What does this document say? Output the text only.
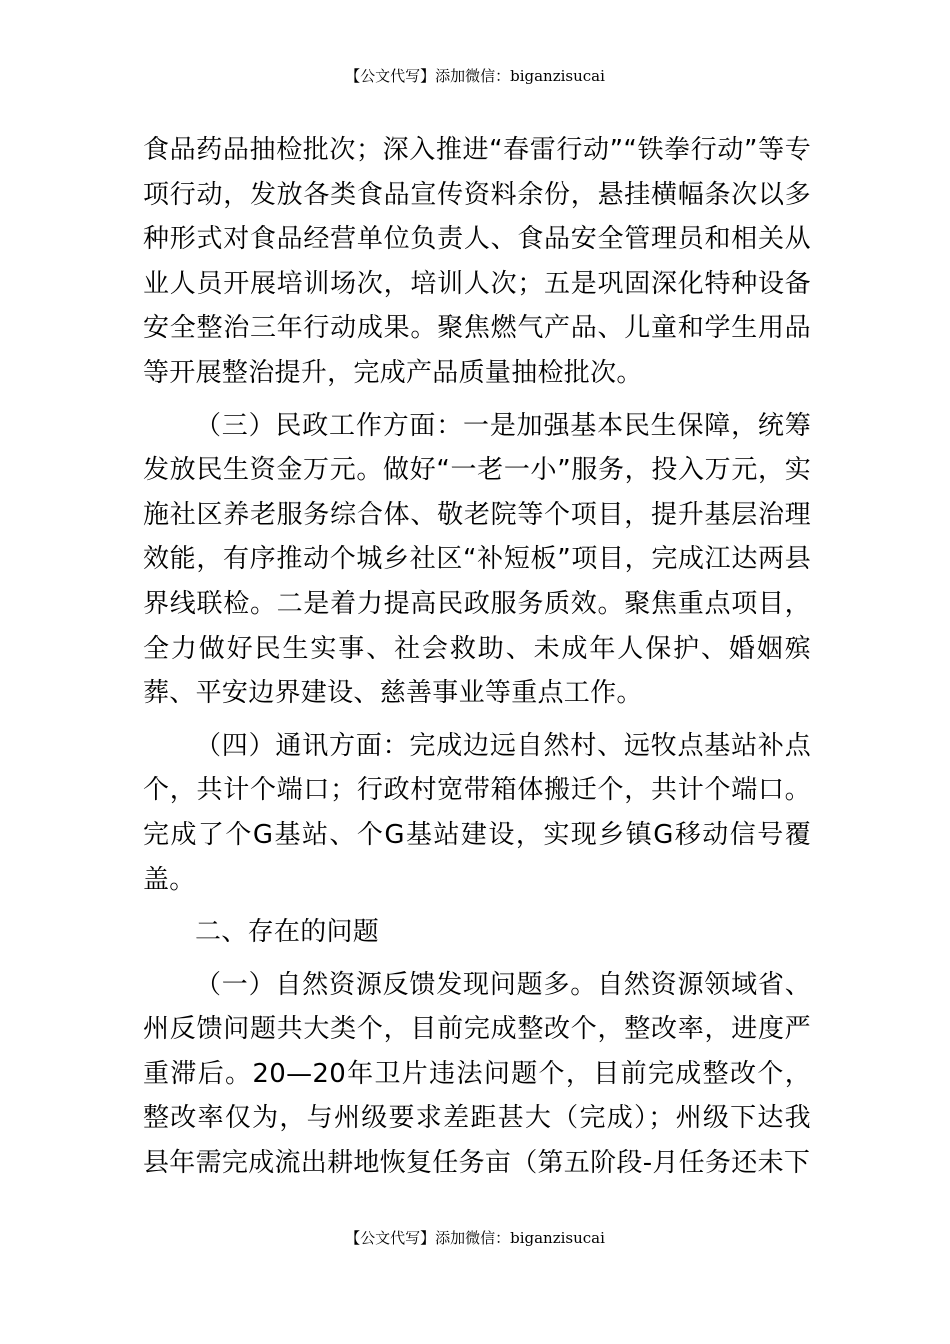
【公文代写】添加微信：biganzisucai

食品药品抽检批次；深入推进“春雷行动”“铁拳行动”等专项行动，发放各类食品宣传资料余份，悬挂横幅条次以多种形式对食品经营单位负责人、食品安全管理员和相关从业人员开展培训场次，培训人次；五是巩固深化特种设备安全整治三年行动成果。聚焦燃气产品、儿童和学生用品等开展整治提升，完成产品质量抽检批次。

（三）民政工作方面：一是加强基本民生保障，统筹发放民生资金万元。做好“一老一小”服务，投入万元，实施社区养老服务综合体、敬老院等个项目，提升基层治理效能，有序推动个城乡社区“补短板”项目，完成江达两县界线联检。二是着力提高民政服务质效。聚焦重点项目，全力做好民生实事、社会救助、未成年人保护、婚姻殡葬、平安边界建设、慈善事业等重点工作。

（四）通讯方面：完成边远自然村、远牧点基站补点个，共计个端口；行政村宽带箱体搬迁个，共计个端口。完成了个G基站、个G基站建设，实现乡镇G移动信号覆盖。

二、存在的问题

（一）自然资源反馈发现问题多。自然资源领域省、州反馈问题共大类个，目前完成整改个，整改率，进度严重滞后。20—20年卫片违法问题个，目前完成整改个，整改率仅为，与州级要求差距甚大（完成）；州级下达我县年需完成流出耕地恢复任务亩（第五阶段-月任务还未下

【公文代写】添加微信：biganzisucai
